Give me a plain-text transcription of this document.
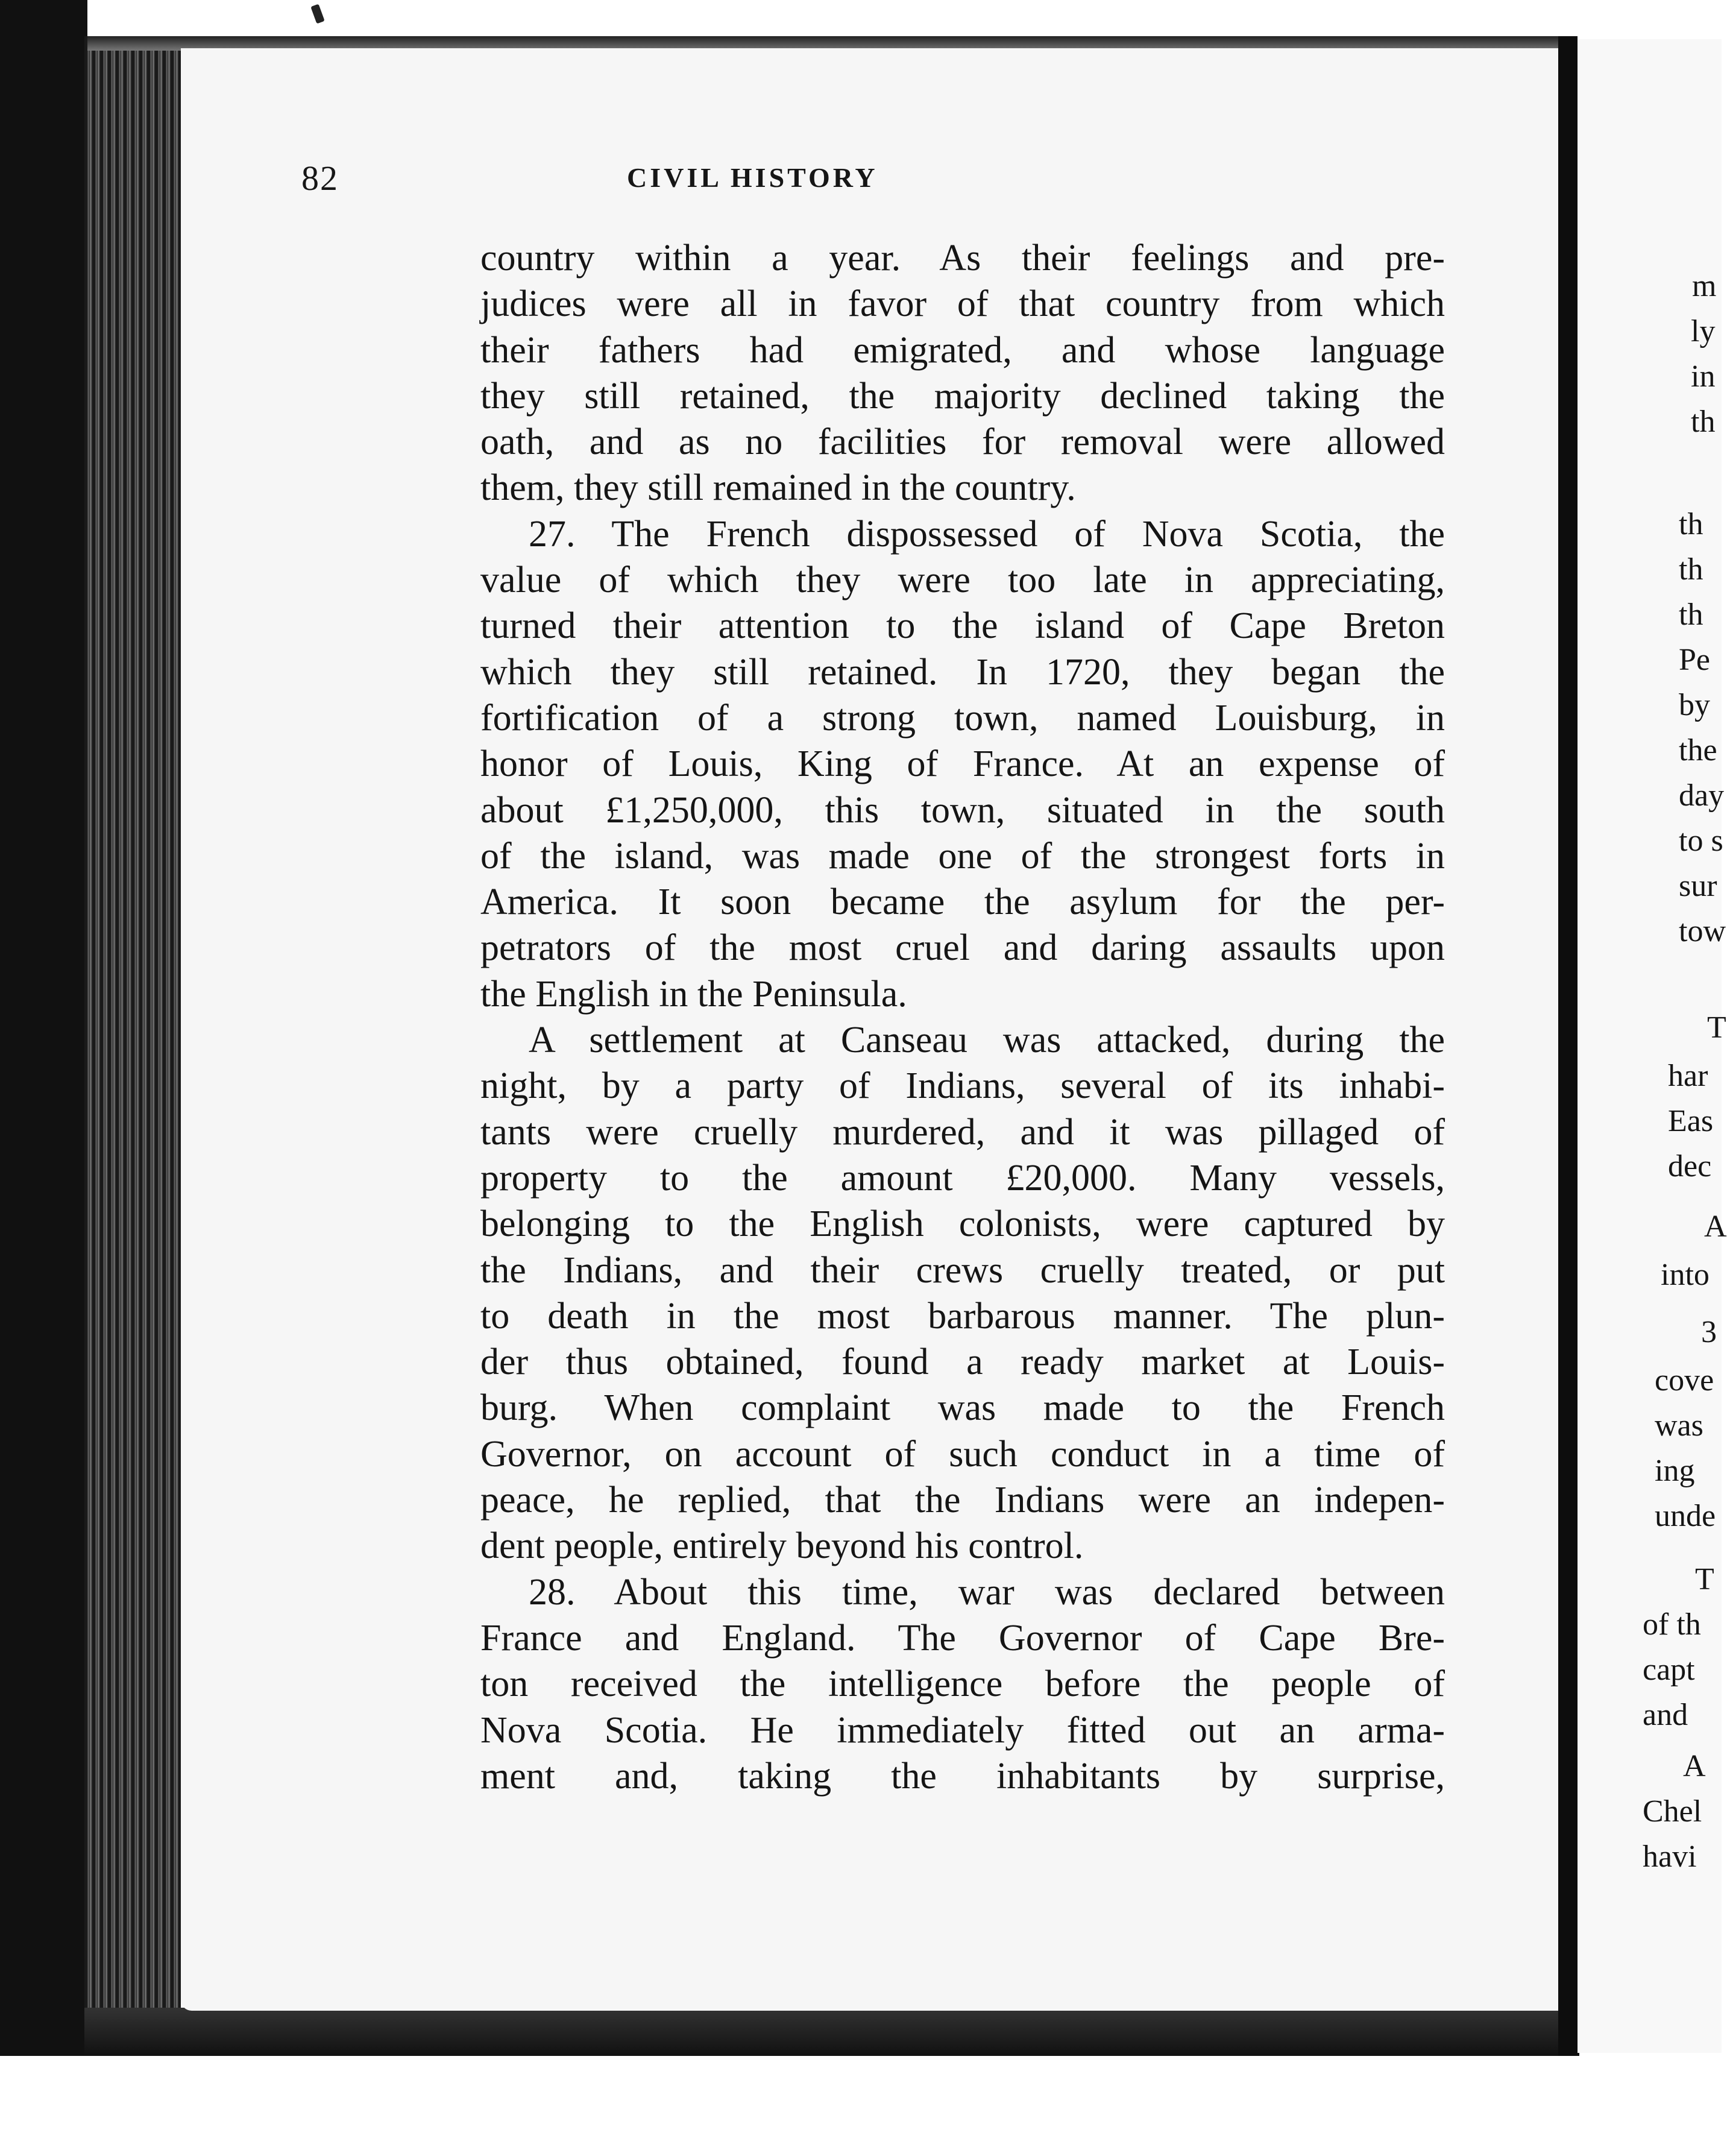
82	CIVIL HISTORY
country within a year. As their feelings and pre-
judices were all in favor of that country from which
their fathers had emigrated, and whose language
they still retained, the majority declined taking the
oath, and as no facilities for removal were allowed
them, they still remained in the country.
27. The French dispossessed of Nova Scotia, the
value of which they were too late in appreciating,
turned their attention to the island of Cape Breton
which they still retained. In 1720, they began the
fortification of a strong town, named Louisburg, in
honor of Louis, King of France. At an expense of
about £1,250,000, this town, situated in the south
of the island, was made one of the strongest forts in
America. It soon became the asylum for the per-
petrators of the most cruel and daring assaults upon
the English in the Peninsula.
A settlement at Canseau was attacked, during the
night, by a party of Indians, several of its inhabi-
tants were cruelly murdered, and it was pillaged of
property to the amount £20,000. Many vessels,
belonging to the English colonists, were captured by
the Indians, and their crews cruelly treated, or put
to death in the most barbarous manner. The plun-
der thus obtained, found a ready market at Louis-
burg. When complaint was made to the French
Governor, on account of such conduct in a time of
peace, he replied, that the Indians were an indepen-
dent people, entirely beyond his control.
28. About this time, war was declared between
France and England. The Governor of Cape Bre-
ton received the intelligence before the people of
Nova Scotia. He immediately fitted out an arma-
ment and, taking the inhabitants by surprise,
m
ly
in
th
th
th
th
Pe
by
the
day
to s
sur
tow
T
har
Eas
dec
A
into
3
cove
was
ing
unde
T
of th
capt
and
A
Chel
havi
